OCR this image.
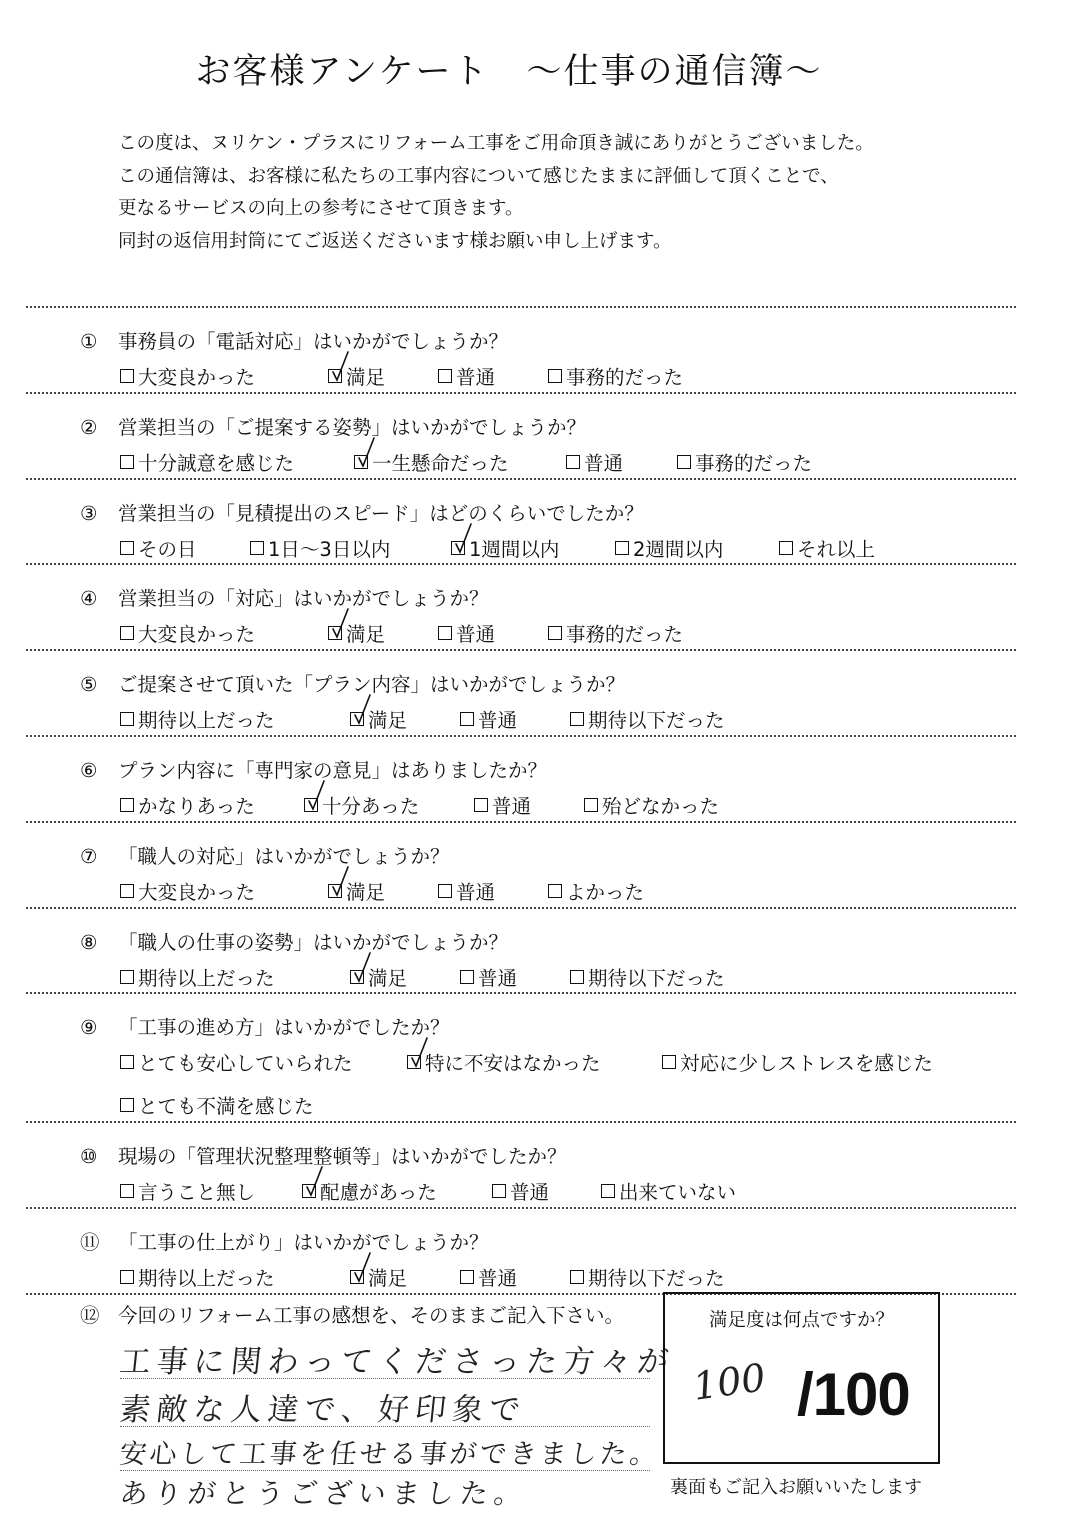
お客様アンケート　～仕事の通信簿～

この度は、ヌリケン・プラスにリフォーム工事をご用命頂き誠にありがとうございました。

この通信簿は、お客様に私たちの工事内容について感じたままに評価して頂くことで、

更なるサービスの向上の参考にさせて頂きます。

同封の返信用封筒にてご返送くださいます様お願い申し上げます。

① 事務員の「電話対応」はいかがでしょうか？
大変良かった	満足	普通	事務的だった
② 営業担当の「ご提案する姿勢」はいかがでしょうか？
十分誠意を感じた	一生懸命だった	普通	事務的だった
③ 営業担当の「見積提出のスピード」はどのくらいでしたか？
その日	1日～3日以内	1週間以内	2週間以内	それ以上
④ 営業担当の「対応」はいかがでしょうか？
大変良かった	満足	普通	事務的だった
⑤ ご提案させて頂いた「プラン内容」はいかがでしょうか？
期待以上だった	満足	普通	期待以下だった
⑥ プラン内容に「専門家の意見」はありましたか？
かなりあった	十分あった	普通	殆どなかった
⑦ 「職人の対応」はいかがでしょうか？
大変良かった	満足	普通	よかった
⑧ 「職人の仕事の姿勢」はいかがでしょうか？
期待以上だった	満足	普通	期待以下だった
⑨ 「工事の進め方」はいかがでしたか？
とても安心していられた	特に不安はなかった	対応に少しストレスを感じた
とても不満を感じた
⑩ 現場の「管理状況整理整頓等」はいかがでしたか？
言うこと無し	配慮があった	普通	出来ていない
⑪ 「工事の仕上がり」はいかがでしょうか？
期待以上だった	満足	普通	期待以下だった
⑫ 今回のリフォーム工事の感想を、そのままご記入下さい。
工事に関わってくださった方々が
素敵な人達で、好印象で
安心して工事を任せる事ができました。
ありがとうございました。
満足度は何点ですか？
100 /100
裏面もご記入お願いいたします
